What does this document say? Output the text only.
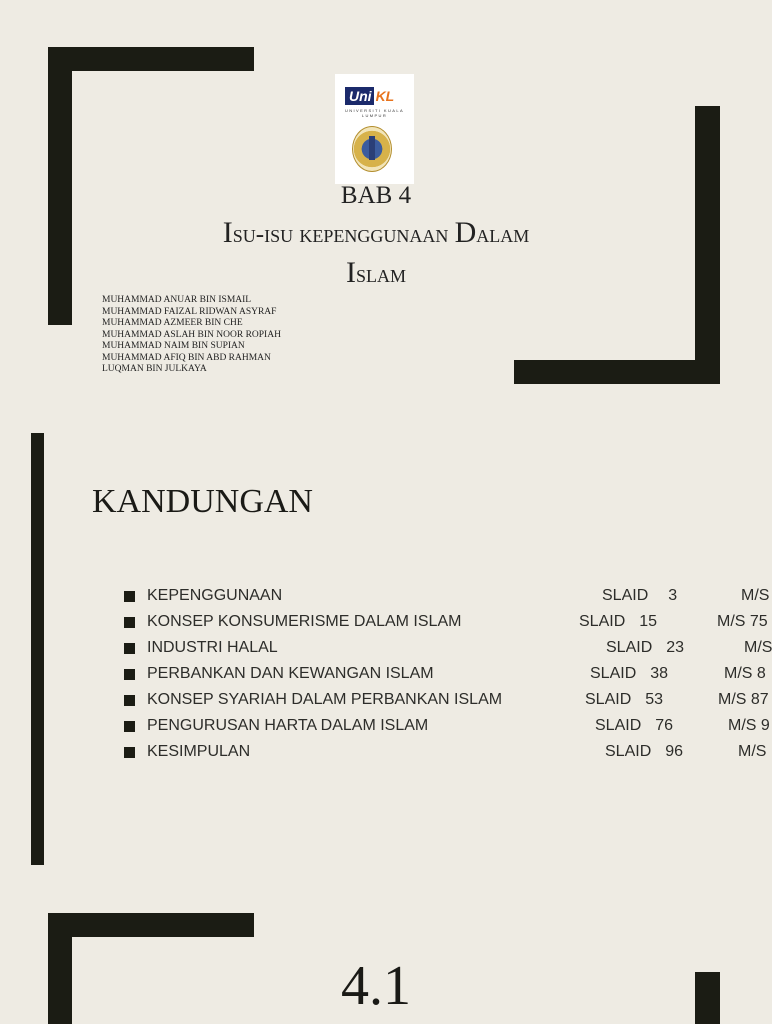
Uni KL
UNIVERSITI KUALA LUMPUR
BAB 4
Isu-isu kepenggunaan Dalam
Islam
MUHAMMAD ANUAR BIN ISMAIL
MUHAMMAD FAIZAL RIDWAN ASYRAF
MUHAMMAD AZMEER BIN CHE
MUHAMMAD ASLAH BIN NOOR ROPIAH
MUHAMMAD NAIM BIN SUPIAN
MUHAMMAD AFIQ BIN ABD RAHMAN
LUQMAN BIN JULKAYA
KANDUNGAN
KEPENGGUNAAN	SLAID 3	M/S
KONSEP KONSUMERISME DALAM ISLAM	SLAID 15	M/S 75
INDUSTRI HALAL	SLAID 23	M/S
PERBANKAN DAN KEWANGAN ISLAM	SLAID 38	M/S 8
KONSEP SYARIAH DALAM PERBANKAN ISLAM	SLAID 53	M/S 87
PENGURUSAN HARTA DALAM ISLAM	SLAID 76	M/S 9
KESIMPULAN	SLAID 96	M/S
4.1
